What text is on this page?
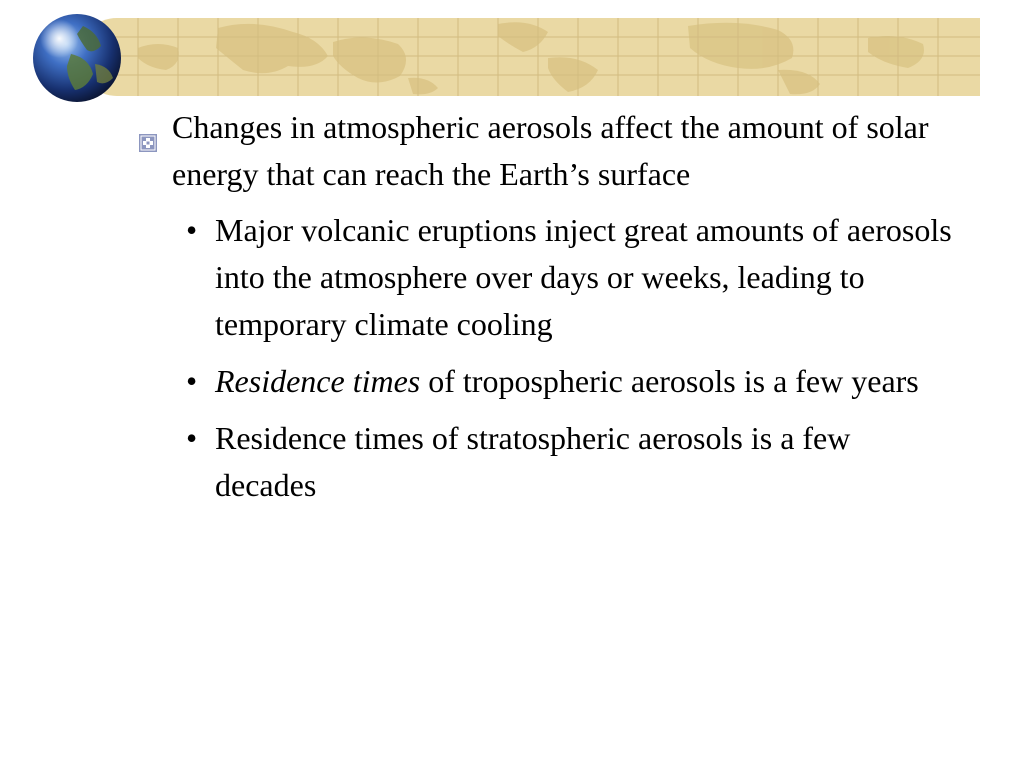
Changes in atmospheric aerosols affect the amount of solar energy that can reach the Earth’s surface
• Major volcanic eruptions inject great amounts of aerosols into the atmosphere over days or weeks, leading to temporary climate cooling
• Residence times of tropospheric aerosols is a few years
• Residence times of stratospheric aerosols is a few decades
